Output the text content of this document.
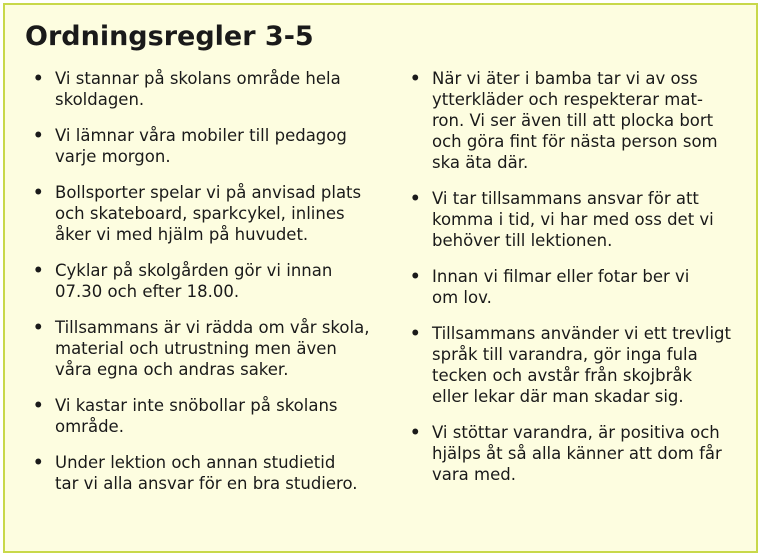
Ordningsregler 3-5
• Vi stannar på skolans område hela
skoldagen.
• Vi lämnar våra mobiler till pedagog
varje morgon.
• Bollsporter spelar vi på anvisad plats
och skateboard, sparkcykel, inlines
åker vi med hjälm på huvudet.
• Cyklar på skolgården gör vi innan
07.30 och efter 18.00.
• Tillsammans är vi rädda om vår skola,
material och utrustning men även
våra egna och andras saker.
• Vi kastar inte snöbollar på skolans
område.
• Under lektion och annan studietid
tar vi alla ansvar för en bra studiero.
• När vi äter i bamba tar vi av oss
ytterkläder och respekterar mat-
ron. Vi ser även till att plocka bort
och göra fint för nästa person som
ska äta där.
• Vi tar tillsammans ansvar för att
komma i tid, vi har med oss det vi
behöver till lektionen.
• Innan vi filmar eller fotar ber vi
om lov.
• Tillsammans använder vi ett trevligt
språk till varandra, gör inga fula
tecken och avstår från skojbråk
eller lekar där man skadar sig.
• Vi stöttar varandra, är positiva och
hjälps åt så alla känner att dom får
vara med.
